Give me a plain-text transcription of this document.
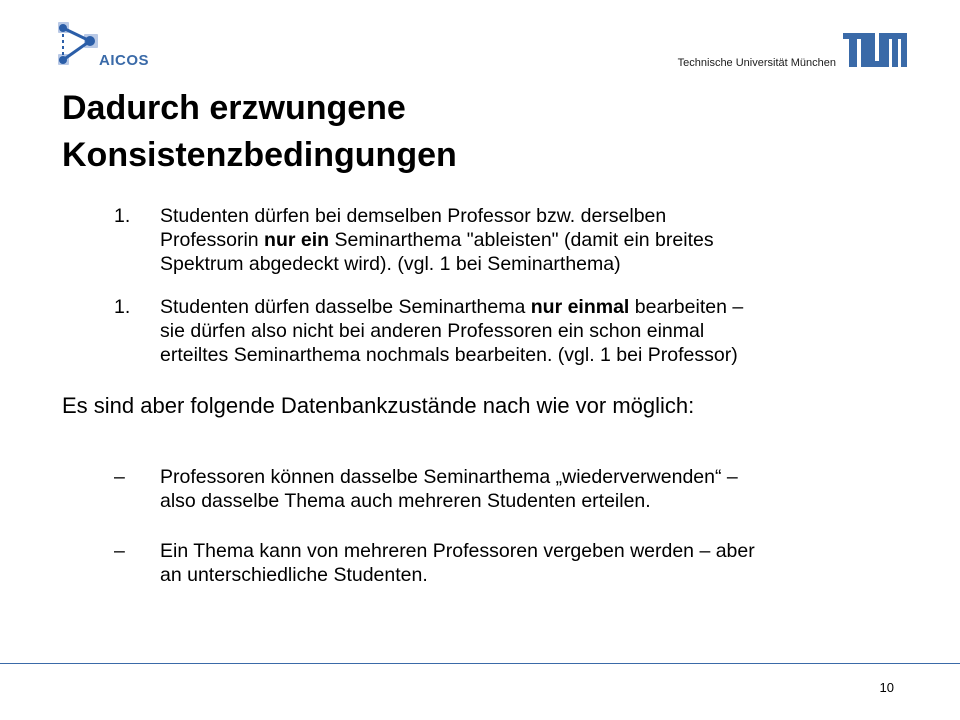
AICOS	Technische Universität München
Dadurch erzwungene
Konsistenzbedingungen
1.	Studenten dürfen bei demselben Professor bzw. derselben
Professorin nur ein Seminarthema "ableisten" (damit ein breites
Spektrum abgedeckt wird). (vgl. 1 bei Seminarthema)
1.	Studenten dürfen dasselbe Seminarthema nur einmal bearbeiten –
sie dürfen also nicht bei anderen Professoren ein schon einmal
erteiltes Seminarthema nochmals bearbeiten. (vgl. 1 bei Professor)
Es sind aber folgende Datenbankzustände nach wie vor möglich:
–	Professoren können dasselbe Seminarthema „wiederverwenden“ –
also dasselbe Thema auch mehreren Studenten erteilen.
–	Ein Thema kann von mehreren Professoren vergeben werden – aber
an unterschiedliche Studenten.
10
